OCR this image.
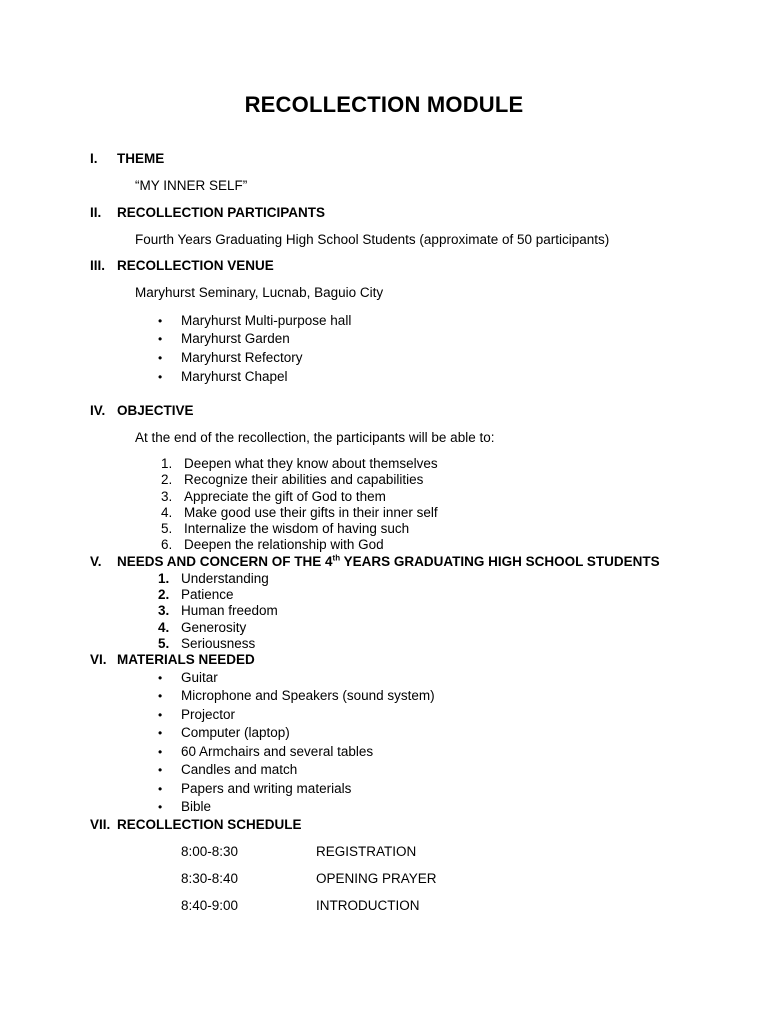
RECOLLECTION MODULE
I. THEME
“MY INNER SELF”
II. RECOLLECTION PARTICIPANTS
Fourth Years Graduating High School Students (approximate of 50 participants)
III. RECOLLECTION VENUE
Maryhurst Seminary, Lucnab, Baguio City
• Maryhurst Multi-purpose hall
• Maryhurst Garden
• Maryhurst Refectory
• Maryhurst Chapel
IV. OBJECTIVE
At the end of the recollection, the participants will be able to:
1. Deepen what they know about themselves
2. Recognize their abilities and capabilities
3. Appreciate the gift of God to them
4. Make good use their gifts in their inner self
5. Internalize the wisdom of having such
6. Deepen the relationship with God
V. NEEDS AND CONCERN OF THE 4th YEARS GRADUATING HIGH SCHOOL STUDENTS
1. Understanding
2. Patience
3. Human freedom
4. Generosity
5. Seriousness
VI. MATERIALS NEEDED
• Guitar
• Microphone and Speakers (sound system)
• Projector
• Computer (laptop)
• 60 Armchairs and several tables
• Candles and match
• Papers and writing materials
• Bible
VII. RECOLLECTION SCHEDULE
8:00-8:30	REGISTRATION
8:30-8:40	OPENING PRAYER
8:40-9:00	INTRODUCTION
